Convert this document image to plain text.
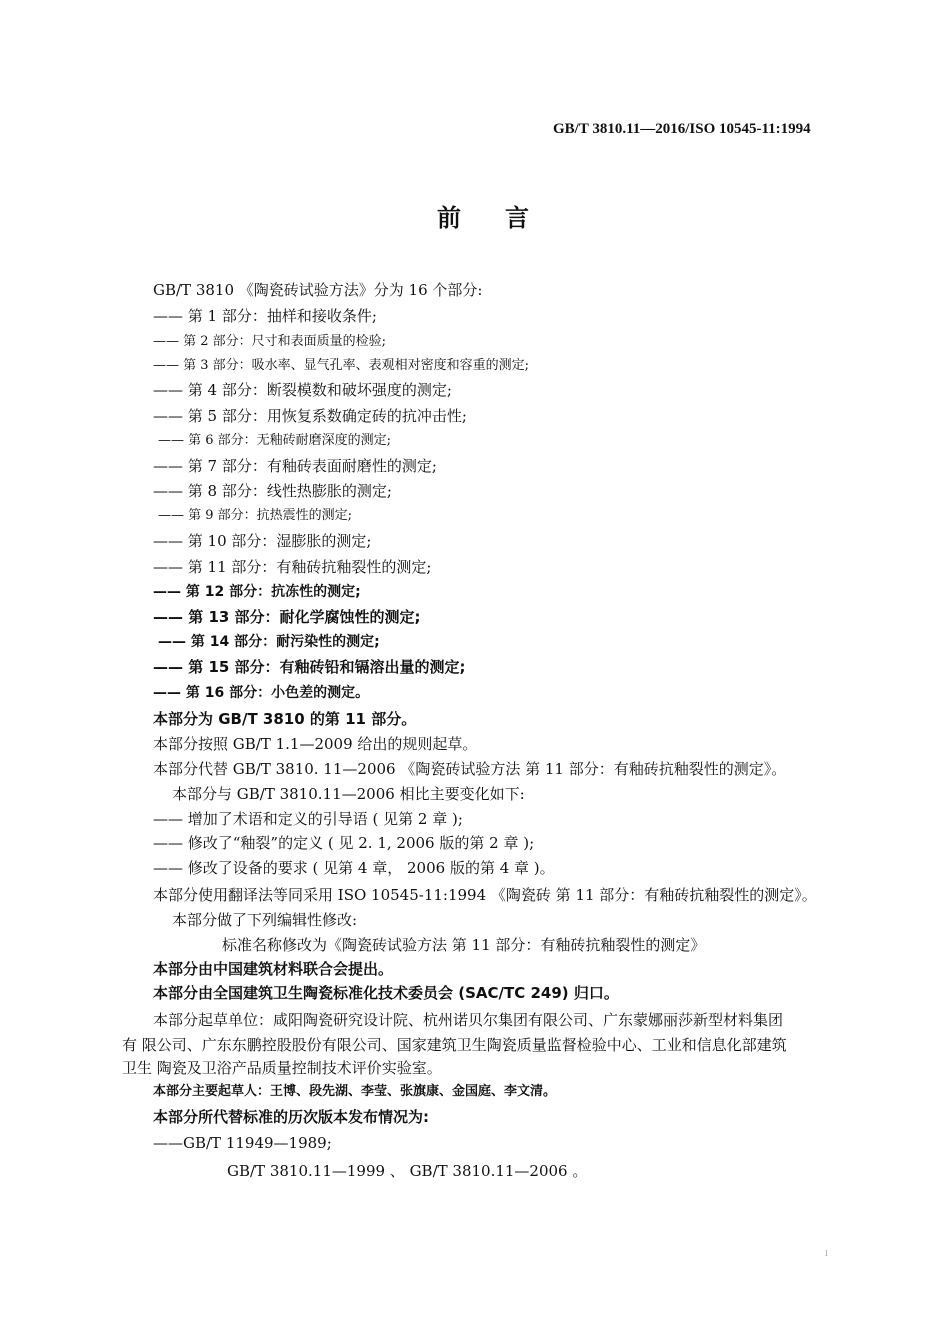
GB/T 3810.11—2016/ISO 10545-11:1994
前言
GB/T 3810 《陶瓷砖试验方法》分为 16 个部分:
—— 第 1 部分：抽样和接收条件;
—— 第 2 部分：尺寸和表面质量的检验;
—— 第 3 部分：吸水率、显气孔率、表观相对密度和容重的测定;
—— 第 4 部分：断裂模数和破坏强度的测定;
—— 第 5 部分：用恢复系数确定砖的抗冲击性;
—— 第 6 部分：无釉砖耐磨深度的测定;
—— 第 7 部分：有釉砖表面耐磨性的测定;
—— 第 8 部分：线性热膨胀的测定;
—— 第 9 部分：抗热震性的测定;
—— 第 10 部分：湿膨胀的测定;
—— 第 11 部分：有釉砖抗釉裂性的测定;
—— 第 12 部分：抗冻性的测定;
—— 第 13 部分：耐化学腐蚀性的测定;
—— 第 14 部分：耐污染性的测定;
—— 第 15 部分：有釉砖铅和镉溶出量的测定;
—— 第 16 部分：小色差的测定。
本部分为 GB/T 3810 的第 11 部分。
本部分按照 GB/T 1.1—2009 给出的规则起草。
本部分代替 GB/T 3810. 11—2006 《陶瓷砖试验方法 第 11 部分：有釉砖抗釉裂性的测定》。
本部分与 GB/T 3810.11—2006 相比主要变化如下:
—— 增加了术语和定义的引导语 ( 见第 2 章 );
—— 修改了“釉裂”的定义 ( 见 2. 1, 2006 版的第 2 章 );
—— 修改了设备的要求 ( 见第 4 章， 2006 版的第 4 章 )。
本部分使用翻译法等同采用 ISO 10545-11:1994 《陶瓷砖 第 11 部分：有釉砖抗釉裂性的测定》。
本部分做了下列编辑性修改:
标准名称修改为《陶瓷砖试验方法 第 11 部分：有釉砖抗釉裂性的测定》
本部分由中国建筑材料联合会提出。
本部分由全国建筑卫生陶瓷标准化技术委员会 (SAC/TC 249) 归口。
本部分起草单位：咸阳陶瓷研究设计院、杭州诺贝尔集团有限公司、广东蒙娜丽莎新型材料集团
有 限公司、广东东鹏控股股份有限公司、国家建筑卫生陶瓷质量监督检验中心、工业和信息化部建筑
卫生 陶瓷及卫浴产品质量控制技术评价实验室。
本部分主要起草人：王博、段先湖、李莹、张旗康、金国庭、李文清。
本部分所代替标准的历次版本发布情况为:
——GB/T 11949—1989;
GB/T 3810.11—1999 、 GB/T 3810.11—2006 。
I
